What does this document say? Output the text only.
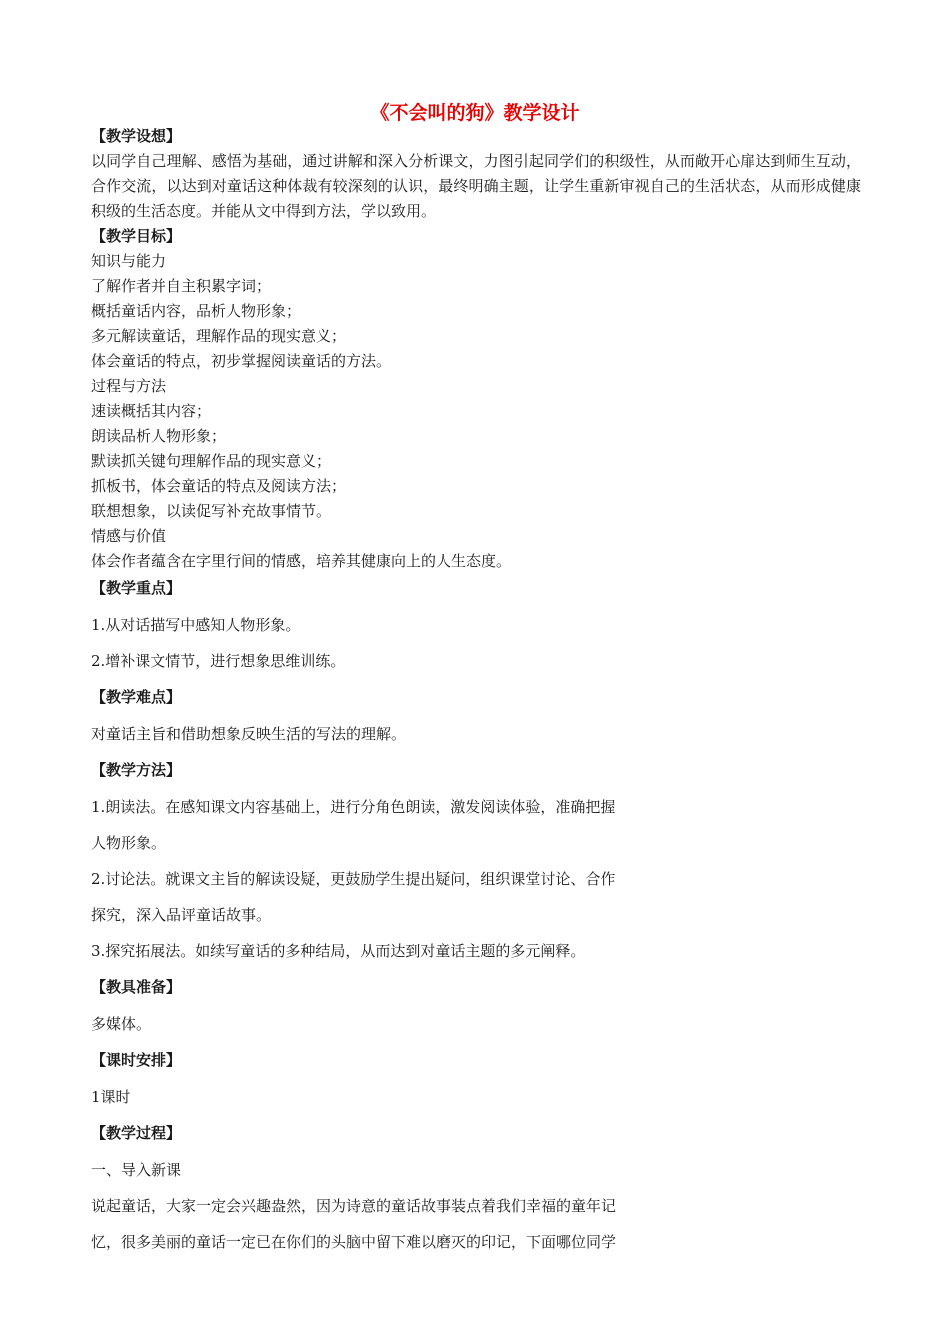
《不会叫的狗》教学设计

【教学设想】

以同学自己理解、感悟为基础，通过讲解和深入分析课文，力图引起同学们的积级性，从而敞开心扉达到师生互动，合作交流，以达到对童话这种体裁有较深刻的认识，最终明确主题，让学生重新审视自己的生活状态，从而形成健康积级的生活态度。并能从文中得到方法，学以致用。

【教学目标】

知识与能力

了解作者并自主积累字词；

概括童话内容，品析人物形象；

多元解读童话，理解作品的现实意义；

体会童话的特点，初步掌握阅读童话的方法。

过程与方法

速读概括其内容；

朗读品析人物形象；

默读抓关键句理解作品的现实意义；

抓板书，体会童话的特点及阅读方法；

联想想象，以读促写补充故事情节。

情感与价值

体会作者蕴含在字里行间的情感，培养其健康向上的人生态度。

【教学重点】

1.从对话描写中感知人物形象。

2.增补课文情节，进行想象思维训练。

【教学难点】

对童话主旨和借助想象反映生活的写法的理解。

【教学方法】

1.朗读法。在感知课文内容基础上，进行分角色朗读，激发阅读体验，准确把握

人物形象。

2.讨论法。就课文主旨的解读设疑，更鼓励学生提出疑问，组织课堂讨论、合作

探究，深入品评童话故事。

3.探究拓展法。如续写童话的多种结局，从而达到对童话主题的多元阐释。

【教具准备】

多媒体。

【课时安排】

1课时

【教学过程】

一、导入新课

说起童话，大家一定会兴趣盎然，因为诗意的童话故事装点着我们幸福的童年记

忆，很多美丽的童话一定已在你们的头脑中留下难以磨灭的印记，下面哪位同学
